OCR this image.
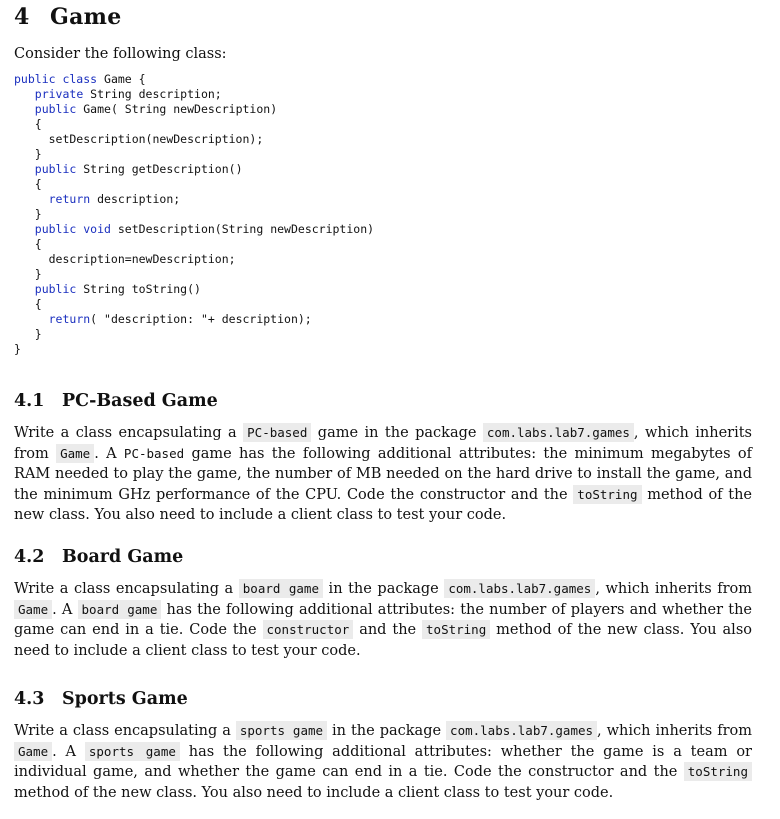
4 Game

Consider the following class:

public class Game {
private String description;
public Game( String newDescription)
{
setDescription(newDescription);
}
public String getDescription()
{
return description;
}
public void setDescription(String newDescription)
{
description=newDescription;
}
public String toString()
{
return( "description: "+ description);
}
}
4.1 PC-Based Game

Write a class encapsulating a PC-based game in the package com.labs.lab7.games , which inherits from Game . A PC-based game has the following additional attributes: the minimum megabytes of RAM needed to play the game, the number of MB needed on the hard drive to install the game, and the minimum GHz performance of the CPU. Code the constructor and the toString method of the new class. You also need to include a client class to test your code.

4.2 Board Game

Write a class encapsulating a board game in the package com.labs.lab7.games , which inherits from Game . A board game has the following additional attributes: the number of players and whether the game can end in a tie. Code the constructor and the toString method of the new class. You also need to include a client class to test your code.

4.3 Sports Game

Write a class encapsulating a sports game in the package com.labs.lab7.games , which inherits from Game . A sports game has the following additional attributes: whether the game is a team or individual game, and whether the game can end in a tie. Code the constructor and the toString method of the new class. You also need to include a client class to test your code.
